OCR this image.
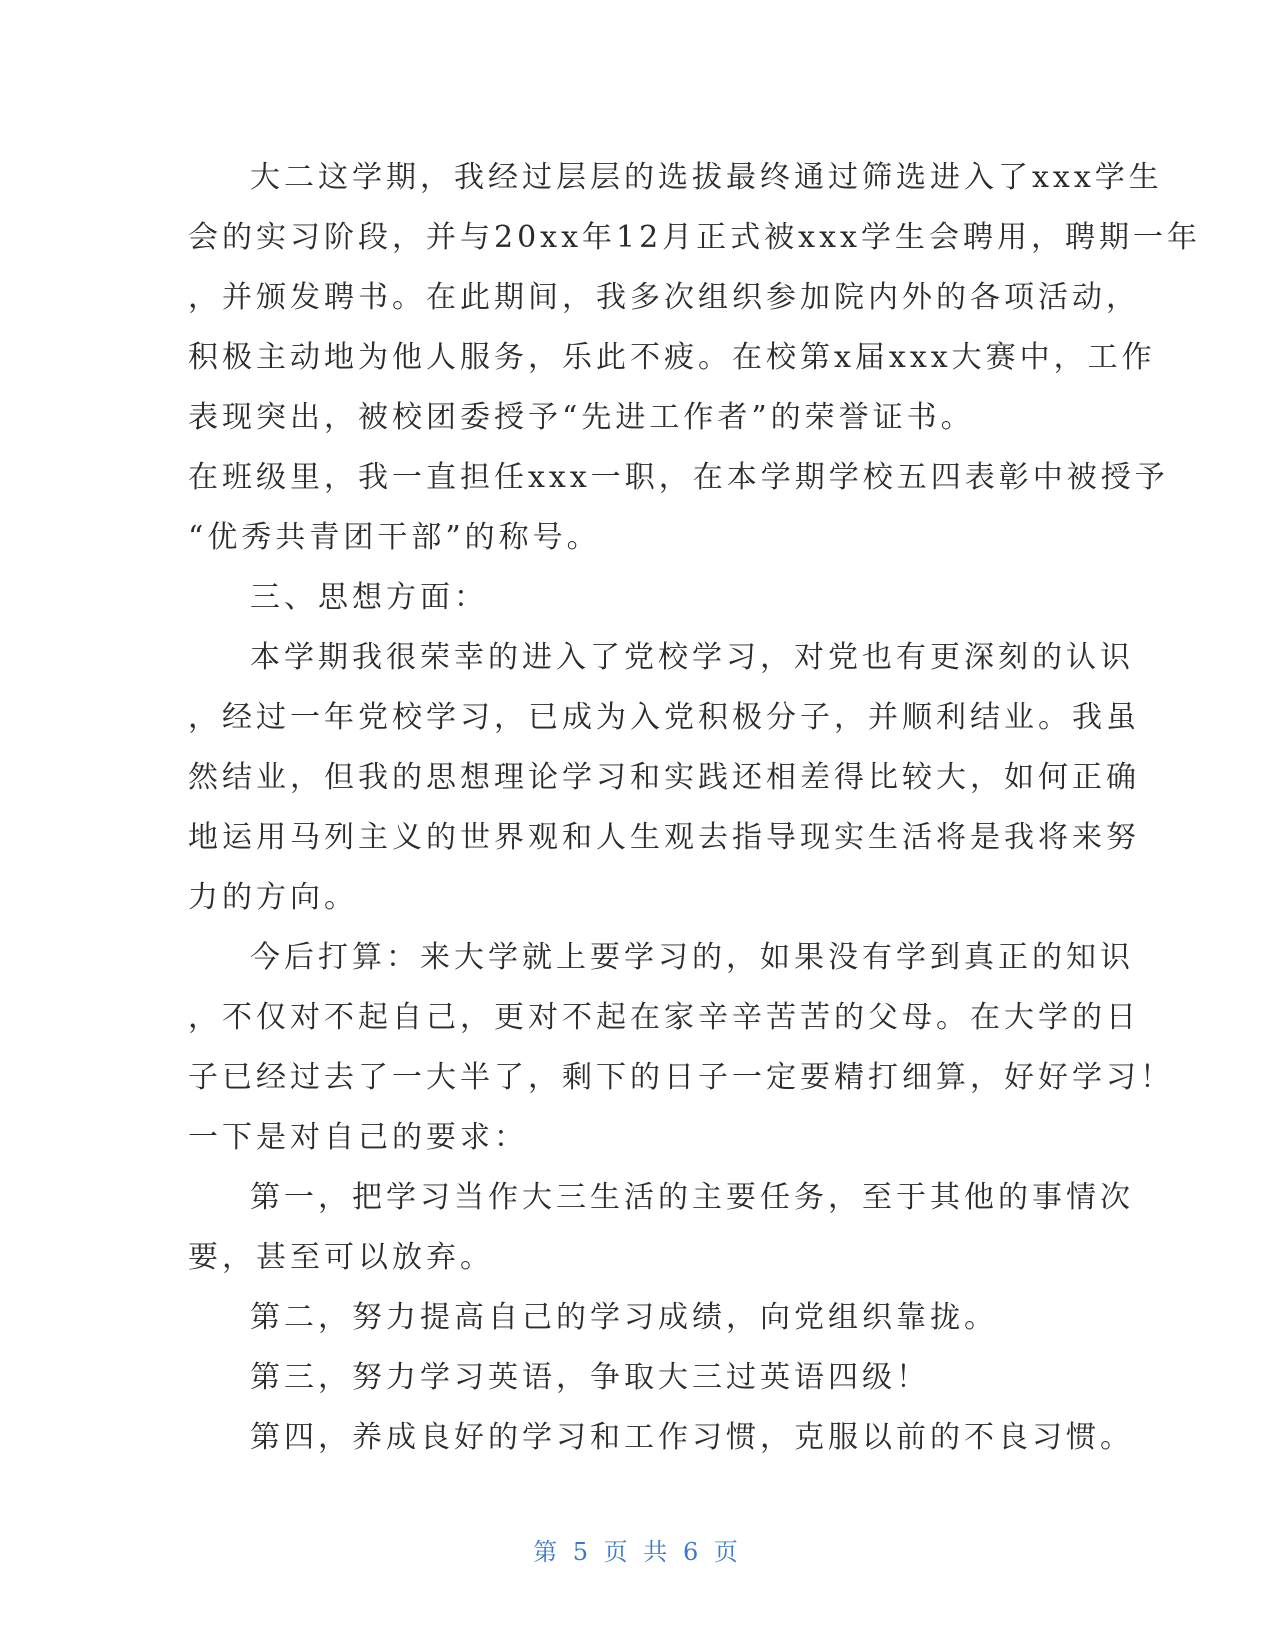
大二这学期，我经过层层的选拔最终通过筛选进入了xxx学生
会的实习阶段，并与20xx年12月正式被xxx学生会聘用，聘期一年
，并颁发聘书。在此期间，我多次组织参加院内外的各项活动，
积极主动地为他人服务，乐此不疲。在校第x届xxx大赛中，工作
表现突出，被校团委授予“先进工作者”的荣誉证书。
在班级里，我一直担任xxx一职，在本学期学校五四表彰中被授予
“优秀共青团干部”的称号。
三、思想方面：
本学期我很荣幸的进入了党校学习，对党也有更深刻的认识
，经过一年党校学习，已成为入党积极分子，并顺利结业。我虽
然结业，但我的思想理论学习和实践还相差得比较大，如何正确
地运用马列主义的世界观和人生观去指导现实生活将是我将来努
力的方向。
今后打算：来大学就上要学习的，如果没有学到真正的知识
，不仅对不起自己，更对不起在家辛辛苦苦的父母。在大学的日
子已经过去了一大半了，剩下的日子一定要精打细算，好好学习！
一下是对自己的要求：
第一，把学习当作大三生活的主要任务，至于其他的事情次
要，甚至可以放弃。
第二，努力提高自己的学习成绩，向党组织靠拢。
第三，努力学习英语，争取大三过英语四级！
第四，养成良好的学习和工作习惯，克服以前的不良习惯。
第 5 页 共 6 页
